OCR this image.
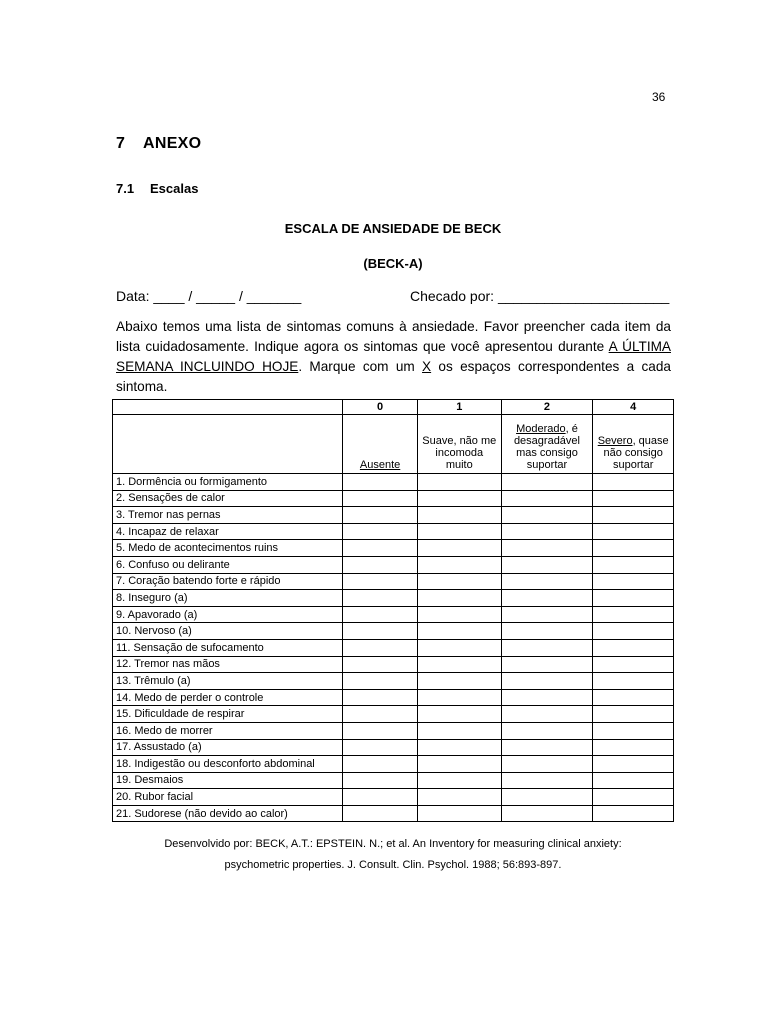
36
7 ANEXO
7.1 Escalas
ESCALA DE ANSIEDADE DE BECK
(BECK-A)
Data: ____ / _____ / _______	Checado por: ______________________
Abaixo temos uma lista de sintomas comuns à ansiedade. Favor preencher cada item da lista cuidadosamente. Indique agora os sintomas que você apresentou durante A ÚLTIMA SEMANA INCLUINDO HOJE. Marque com um X os espaços correspondentes a cada sintoma.
	0	1	2	4
	Ausente	Suave, não me incomoda muito	Moderado, é desagradável mas consigo suportar	Severo, quase não consigo suportar
1. Dormência ou formigamento				
2. Sensações de calor				
3. Tremor nas pernas				
4. Incapaz de relaxar				
5. Medo de acontecimentos ruins				
6. Confuso ou delirante				
7. Coração batendo forte e rápido				
8. Inseguro (a)				
9. Apavorado (a)				
10. Nervoso (a)				
11. Sensação de sufocamento				
12. Tremor nas mãos				
13. Trêmulo (a)				
14. Medo de perder o controle				
15. Dificuldade de respirar				
16. Medo de morrer				
17. Assustado (a)				
18. Indigestão ou desconforto abdominal				
19. Desmaios				
20. Rubor facial				
21. Sudorese (não devido ao calor)				
Desenvolvido por: BECK, A.T.: EPSTEIN. N.; et al. An Inventory for measuring clinical anxiety:
psychometric properties. J. Consult. Clin. Psychol. 1988; 56:893-897.
